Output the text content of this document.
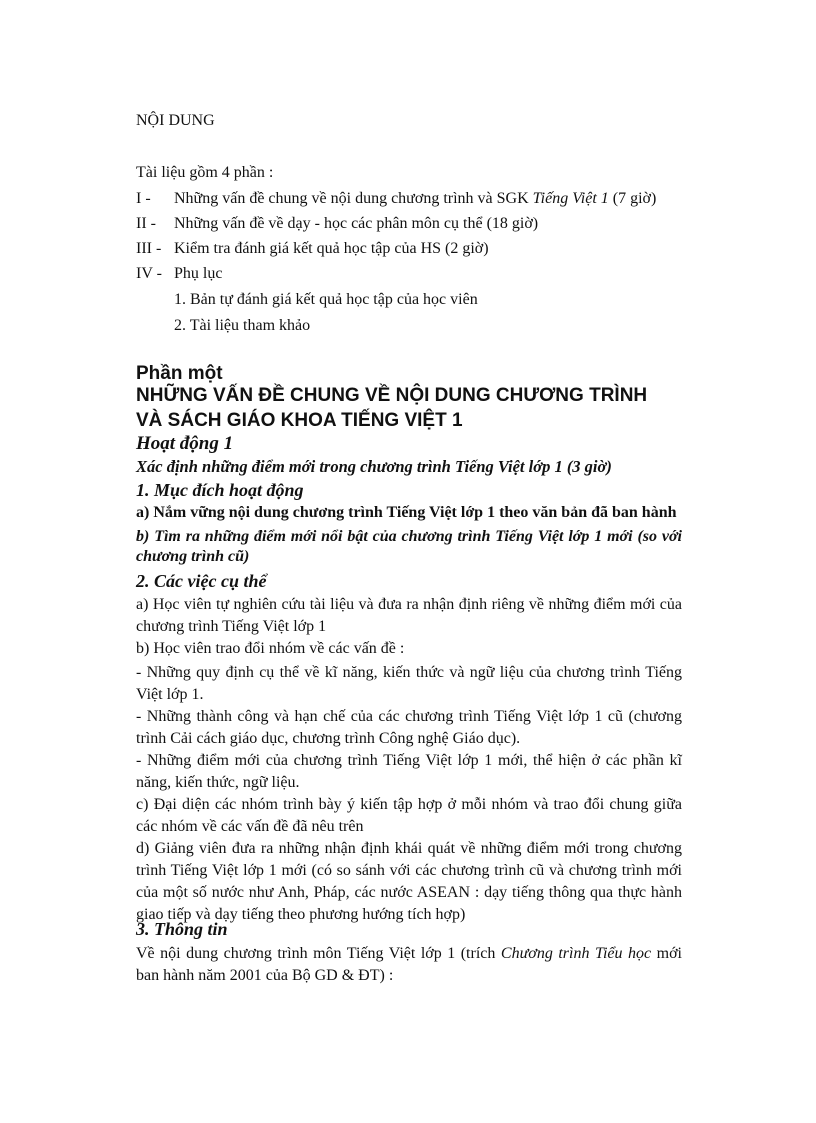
NỘI DUNG
Tài liệu gồm 4 phần :
I - Những vấn đề chung về nội dung chương trình và SGK Tiếng Việt 1 (7 giờ)
II - Những vấn đề về dạy - học các phân môn cụ thể (18 giờ)
III - Kiểm tra đánh giá kết quả học tập của HS (2 giờ)
IV - Phụ lục
1. Bản tự đánh giá kết quả học tập của học viên
2. Tài liệu tham khảo
Phần một
NHỮNG VẤN ĐỀ CHUNG VỀ NỘI DUNG CHƯƠNG TRÌNH
VÀ SÁCH GIÁO KHOA TIẾNG VIỆT 1
Hoạt động 1
Xác định những điểm mới trong chương trình Tiếng Việt lớp 1 (3 giờ)
1. Mục đích hoạt động
a) Nắm vững nội dung chương trình Tiếng Việt lớp 1 theo văn bản đã ban hành
b) Tìm ra những điểm mới nổi bật của chương trình Tiếng Việt lớp 1 mới (so với chương trình cũ)
2. Các việc cụ thể
a) Học viên tự nghiên cứu tài liệu và đưa ra nhận định riêng về những điểm mới của chương trình Tiếng Việt lớp 1
b) Học viên trao đổi nhóm về các vấn đề :
- Những quy định cụ thể về kĩ năng, kiến thức và ngữ liệu của chương trình Tiếng Việt lớp 1.
- Những thành công và hạn chế của các chương trình Tiếng Việt lớp 1 cũ (chương trình Cải cách giáo dục, chương trình Công nghệ Giáo dục).
- Những điểm mới của chương trình Tiếng Việt lớp 1 mới, thể hiện ở các phần kĩ năng, kiến thức, ngữ liệu.
c) Đại diện các nhóm trình bày ý kiến tập hợp ở mỗi nhóm và trao đổi chung giữa các nhóm về các vấn đề đã nêu trên
d) Giảng viên đưa ra những nhận định khái quát về những điểm mới trong chương trình Tiếng Việt lớp 1 mới (có so sánh với các chương trình cũ và chương trình mới của một số nước như Anh, Pháp, các nước ASEAN : dạy tiếng thông qua thực hành giao tiếp và dạy tiếng theo phương hướng tích hợp)
3. Thông tin
Về nội dung chương trình môn Tiếng Việt lớp 1 (trích Chương trình Tiểu học mới ban hành năm 2001 của Bộ GD & ĐT) :
